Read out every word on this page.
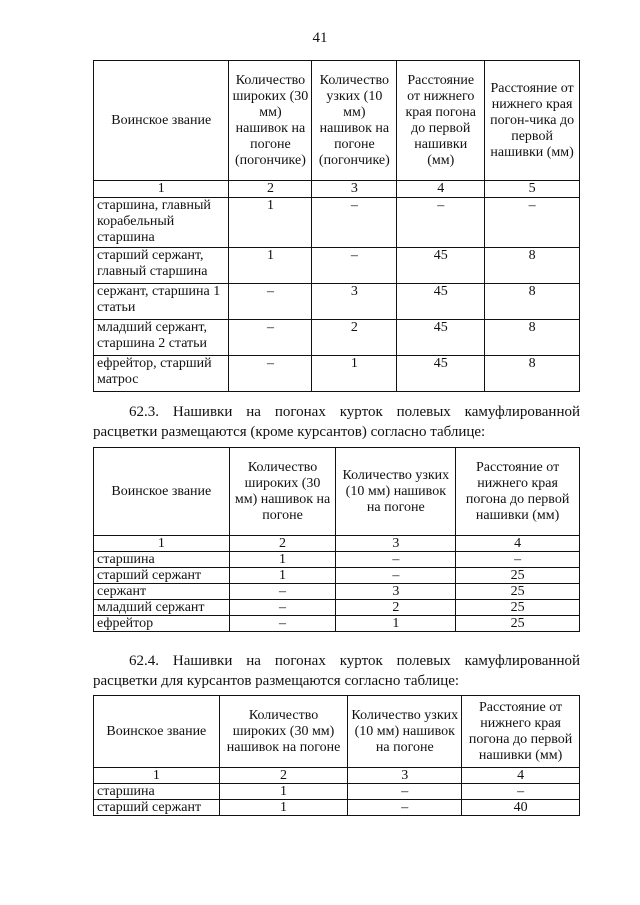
41
Воинское звание	Количество широких (30 мм) нашивок на погоне (погончике)	Количество узких (10 мм) нашивок на погоне (погончике)	Расстояние от нижнего края погона до первой нашивки (мм)	Расстояние от нижнего края погон-чика до первой нашивки (мм)
1	2	3	4	5
старшина, главный корабельный старшина	1	–	–	–
старший сержант, главный старшина	1	–	45	8
сержант, старшина 1 статьи	–	3	45	8
младший сержант, старшина 2 статьи	–	2	45	8
ефрейтор, старший матрос	–	1	45	8

62.3. Нашивки на погонах курток полевых камуфлированной расцветки размещаются (кроме курсантов) согласно таблице:

Воинское звание	Количество широких (30 мм) нашивок на погоне	Количество узких (10 мм) нашивок на погоне	Расстояние от нижнего края погона до первой нашивки (мм)
1	2	3	4
старшина	1	–	–
старший сержант	1	–	25
сержант	–	3	25
младший сержант	–	2	25
ефрейтор	–	1	25

62.4. Нашивки на погонах курток полевых камуфлированной расцветки для курсантов размещаются согласно таблице:

Воинское звание	Количество широких (30 мм) нашивок на погоне	Количество узких (10 мм) нашивок на погоне	Расстояние от нижнего края погона до первой нашивки (мм)
1	2	3	4
старшина	1	–	–
старший сержант	1	–	40
